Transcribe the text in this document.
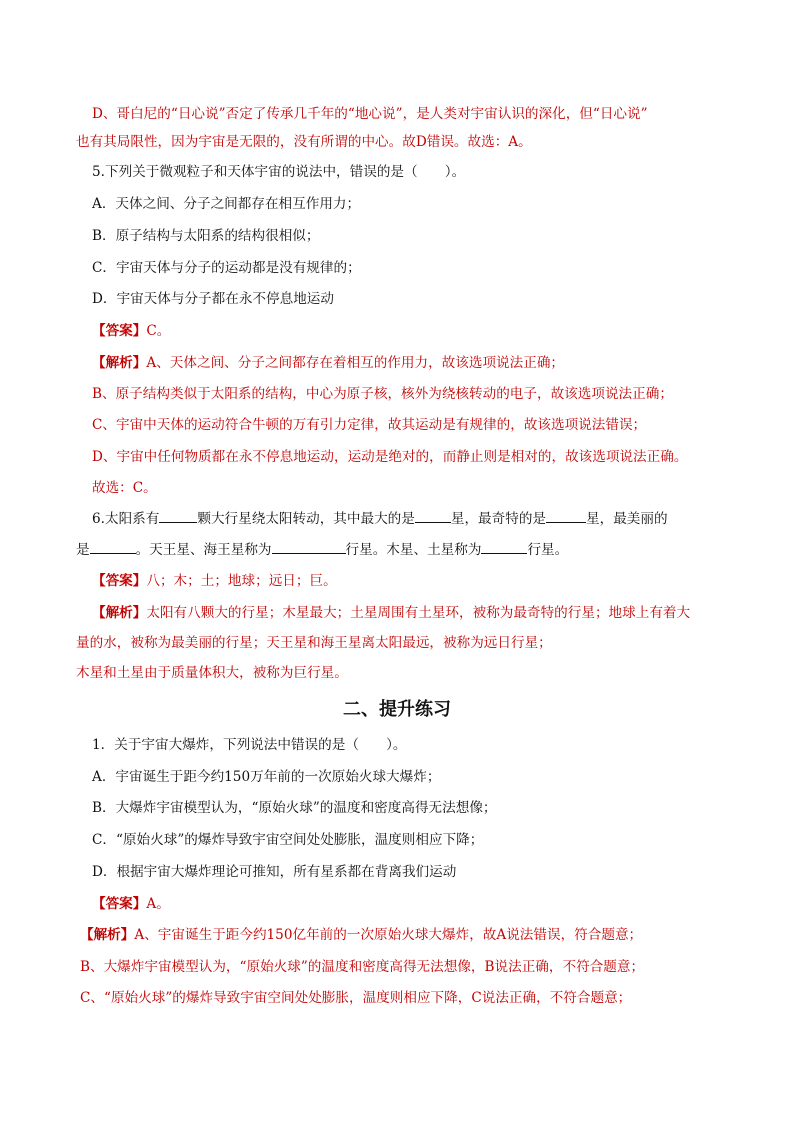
D、哥白尼的“日心说”否定了传承几千年的“地心说”，是人类对宇宙认识的深化，但“日心说”
也有其局限性，因为宇宙是无限的，没有所谓的中心。故D错误。故选：A。
5.下列关于微观粒子和天体宇宙的说法中，错误的是（　　）。
A．天体之间、分子之间都存在相互作用力；
B．原子结构与太阳系的结构很相似；
C．宇宙天体与分子的运动都是没有规律的；
D．宇宙天体与分子都在永不停息地运动
【答案】C。
【解析】A、天体之间、分子之间都存在着相互的作用力，故该选项说法正确；
B、原子结构类似于太阳系的结构，中心为原子核，核外为绕核转动的电子，故该选项说法正确；
C、宇宙中天体的运动符合牛顿的万有引力定律，故其运动是有规律的，故该选项说法错误；
D、宇宙中任何物质都在永不停息地运动，运动是绝对的，而静止则是相对的，故该选项说法正确。
故选：C。
6.太阳系有	颗大行星绕太阳转动，其中最大的是	星，最奇特的是	星，最美丽的
是	。天王星、海王星称为	行星。木星、土星称为	行星。
【答案】八；木；土；地球；远日；巨。
【解析】太阳有八颗大的行星；木星最大；土星周围有土星环，被称为最奇特的行星；地球上有着大
量的水，被称为最美丽的行星；天王星和海王星离太阳最远，被称为远日行星；
木星和土星由于质量体积大，被称为巨行星。
二、提升练习
1．关于宇宙大爆炸，下列说法中错误的是（　　）。
A．宇宙诞生于距今约150万年前的一次原始火球大爆炸；
B．大爆炸宇宙模型认为，“原始火球”的温度和密度高得无法想像；
C．“原始火球”的爆炸导致宇宙空间处处膨胀，温度则相应下降；
D．根据宇宙大爆炸理论可推知，所有星系都在背离我们运动
【答案】A。
【解析】A、宇宙诞生于距今约150亿年前的一次原始火球大爆炸，故A说法错误，符合题意；
B、大爆炸宇宙模型认为，“原始火球”的温度和密度高得无法想像，B说法正确，不符合题意；
C、“原始火球”的爆炸导致宇宙空间处处膨胀，温度则相应下降，C说法正确，不符合题意；
